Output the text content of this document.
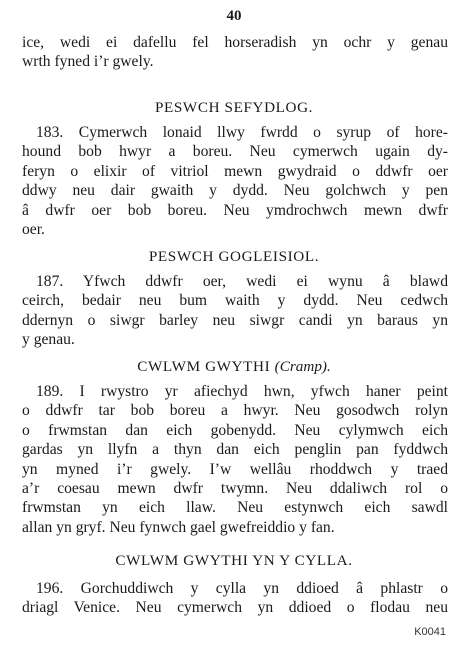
40
ice, wedi ei dafellu fel horseradish yn ochr y genau
wrth fyned i’r gwely.
PESWCH SEFYDLOG.
183. Cymerwch lonaid llwy fwrdd o syrup of hore-
hound bob hwyr a boreu. Neu cymerwch ugain dy-
feryn o elixir of vitriol mewn gwydraid o ddwfr oer
ddwy neu dair gwaith y dydd. Neu golchwch y pen
â dwfr oer bob boreu. Neu ymdrochwch mewn dwfr
oer.
PESWCH GOGLEISIOL.
187. Yfwch ddwfr oer, wedi ei wynu â blawd
ceirch, bedair neu bum waith y dydd. Neu cedwch
ddernyn o siwgr barley neu siwgr candi yn baraus yn
y genau.
CWLWM GWYTHI (Cramp).
189. I rwystro yr afiechyd hwn, yfwch haner peint
o ddwfr tar bob boreu a hwyr. Neu gosodwch rolyn
o frwmstan dan eich gobenydd. Neu cylymwch eich
gardas yn llyfn a thyn dan eich penglin pan fyddwch
yn myned i’r gwely. I’w wellâu rhoddwch y traed
a’r coesau mewn dwfr twymn. Neu ddaliwch rol o
frwmstan yn eich llaw. Neu estynwch eich sawdl
allan yn gryf. Neu fynwch gael gwefreiddio y fan.
CWLWM GWYTHI YN Y CYLLA.
196. Gorchuddiwch y cylla yn ddioed â phlastr o
driagl Venice. Neu cymerwch yn ddioed o flodau neu
K0041
